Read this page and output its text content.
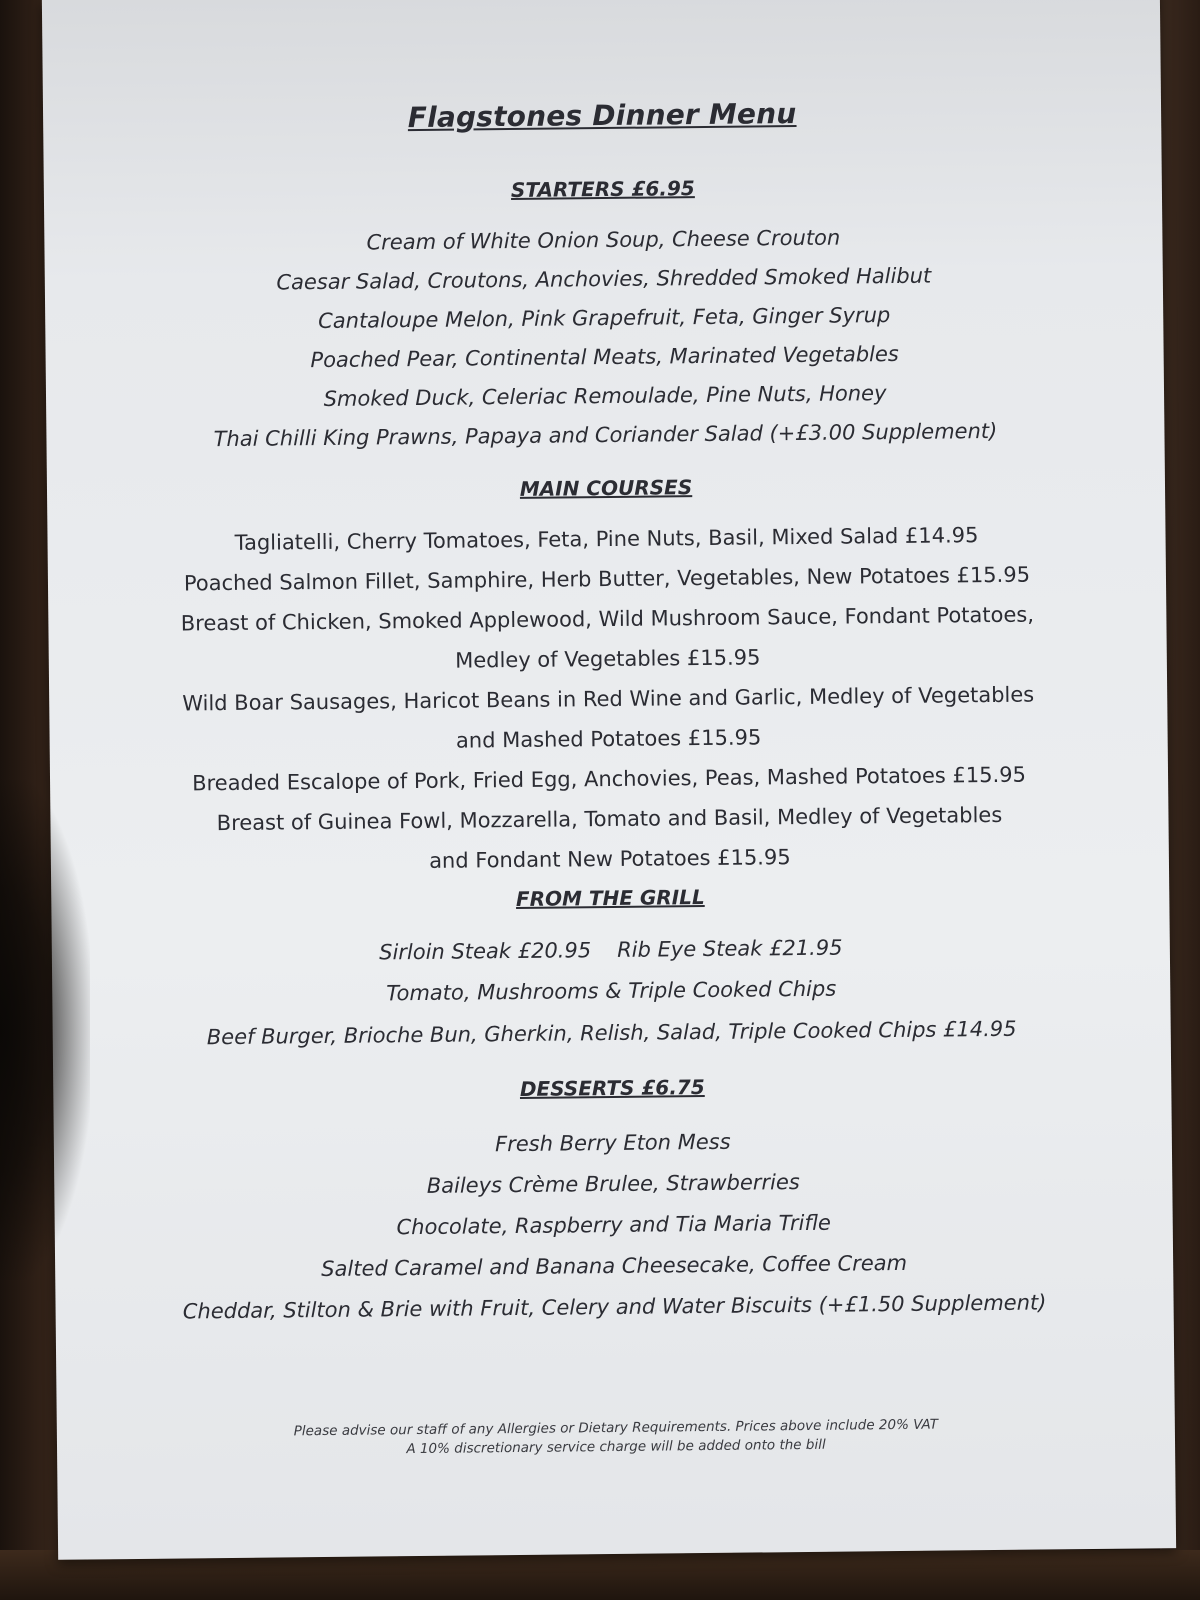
Flagstones Dinner Menu
STARTERS £6.95
Cream of White Onion Soup, Cheese Crouton
Caesar Salad, Croutons, Anchovies, Shredded Smoked Halibut
Cantaloupe Melon, Pink Grapefruit, Feta, Ginger Syrup
Poached Pear, Continental Meats, Marinated Vegetables
Smoked Duck, Celeriac Remoulade, Pine Nuts, Honey
Thai Chilli King Prawns, Papaya and Coriander Salad (+£3.00 Supplement)
MAIN COURSES
Tagliatelli, Cherry Tomatoes, Feta, Pine Nuts, Basil, Mixed Salad £14.95
Poached Salmon Fillet, Samphire, Herb Butter, Vegetables, New Potatoes £15.95
Breast of Chicken, Smoked Applewood, Wild Mushroom Sauce, Fondant Potatoes,
Medley of Vegetables £15.95
Wild Boar Sausages, Haricot Beans in Red Wine and Garlic, Medley of Vegetables
and Mashed Potatoes £15.95
Breaded Escalope of Pork, Fried Egg, Anchovies, Peas, Mashed Potatoes £15.95
Breast of Guinea Fowl, Mozzarella, Tomato and Basil, Medley of Vegetables
and Fondant New Potatoes £15.95
FROM THE GRILL
Sirloin Steak £20.95 Rib Eye Steak £21.95
Tomato, Mushrooms & Triple Cooked Chips
Beef Burger, Brioche Bun, Gherkin, Relish, Salad, Triple Cooked Chips £14.95
DESSERTS £6.75
Fresh Berry Eton Mess
Baileys Crème Brulee, Strawberries
Chocolate, Raspberry and Tia Maria Trifle
Salted Caramel and Banana Cheesecake, Coffee Cream
Cheddar, Stilton & Brie with Fruit, Celery and Water Biscuits (+£1.50 Supplement)
Please advise our staff of any Allergies or Dietary Requirements. Prices above include 20% VAT
A 10% discretionary service charge will be added onto the bill
